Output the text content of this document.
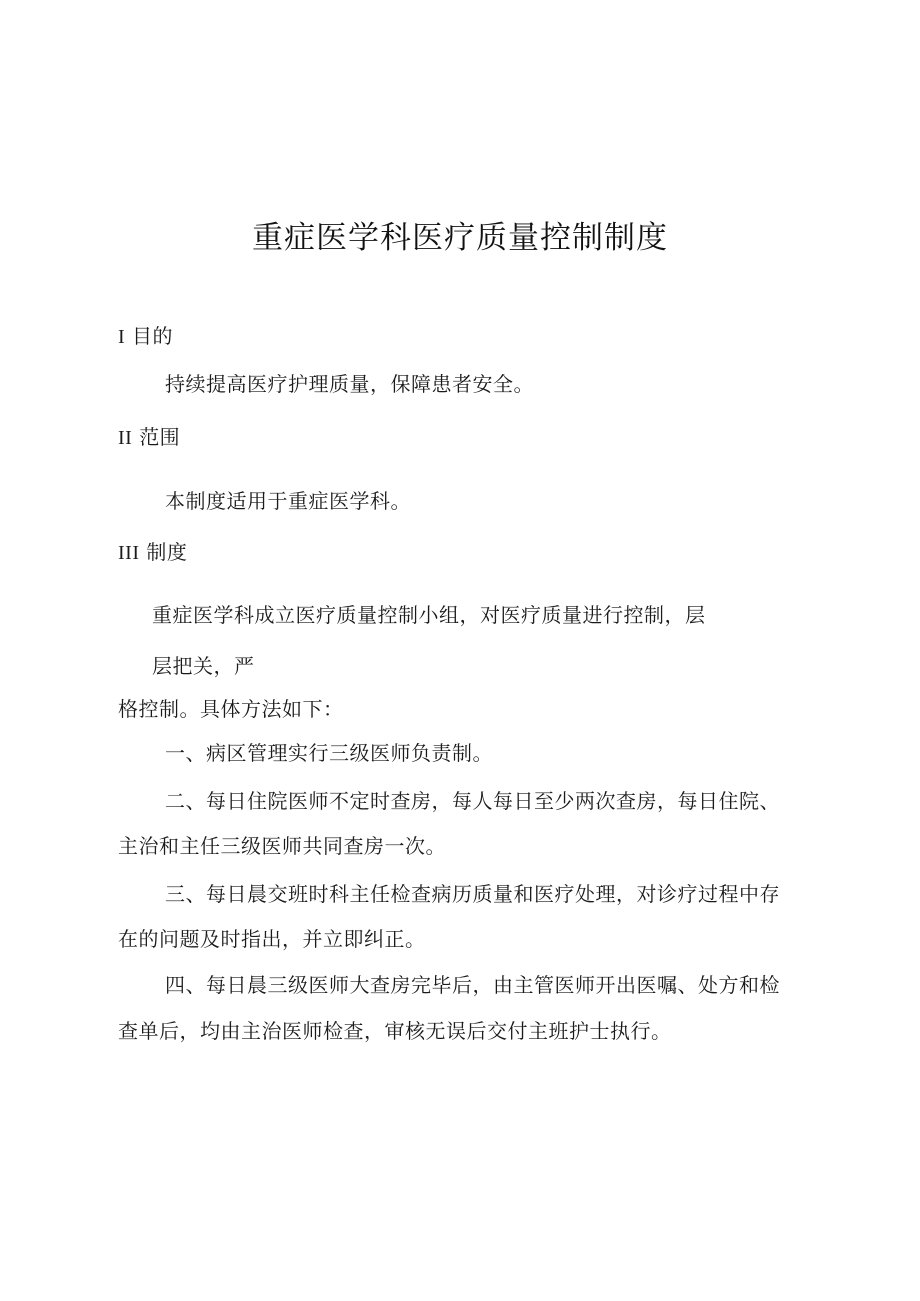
重症医学科医疗质量控制制度
I 目的
持续提高医疗护理质量，保障患者安全。
II 范围
本制度适用于重症医学科。
III 制度
重症医学科成立医疗质量控制小组，对医疗质量进行控制，层
层把关，严
格控制。具体方法如下：
一、病区管理实行三级医师负责制。
二、每日住院医师不定时查房，每人每日至少两次查房，每日住院、
主治和主任三级医师共同查房一次。
三、每日晨交班时科主任检查病历质量和医疗处理，对诊疗过程中存
在的问题及时指出，并立即纠正。
四、每日晨三级医师大查房完毕后，由主管医师开出医嘱、处方和检
查单后，均由主治医师检查，审核无误后交付主班护士执行。
